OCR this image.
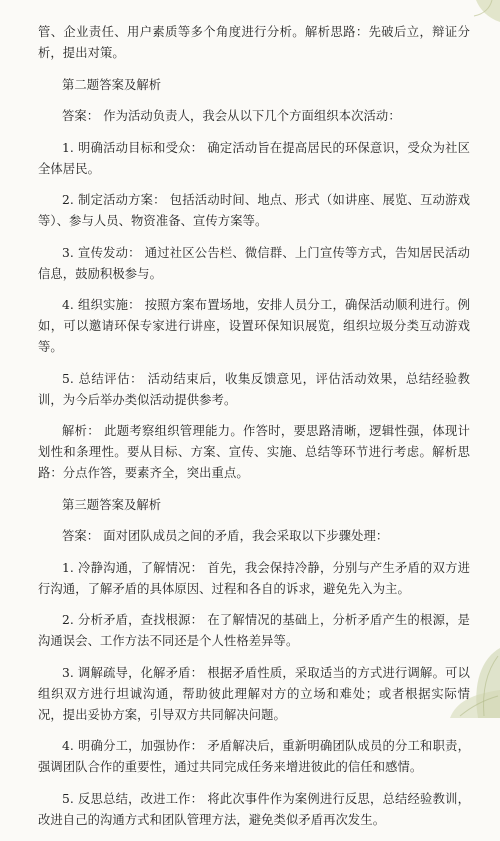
管、企业责任、用户素质等多个角度进行分析。解析思路：先破后立，辩证分析，提出对策。

第二题答案及解析

答案： 作为活动负责人，我会从以下几个方面组织本次活动：

1. 明确活动目标和受众： 确定活动旨在提高居民的环保意识，受众为社区全体居民。

2. 制定活动方案： 包括活动时间、地点、形式（如讲座、展览、互动游戏等）、参与人员、物资准备、宣传方案等。

3. 宣传发动： 通过社区公告栏、微信群、上门宣传等方式，告知居民活动信息，鼓励积极参与。

4. 组织实施： 按照方案布置场地，安排人员分工，确保活动顺利进行。例如，可以邀请环保专家进行讲座，设置环保知识展览，组织垃圾分类互动游戏等。

5. 总结评估： 活动结束后，收集反馈意见，评估活动效果，总结经验教训，为今后举办类似活动提供参考。

解析： 此题考察组织管理能力。作答时，要思路清晰，逻辑性强，体现计划性和条理性。要从目标、方案、宣传、实施、总结等环节进行考虑。解析思路：分点作答，要素齐全，突出重点。

第三题答案及解析

答案： 面对团队成员之间的矛盾，我会采取以下步骤处理：

1. 冷静沟通，了解情况： 首先，我会保持冷静，分别与产生矛盾的双方进行沟通，了解矛盾的具体原因、过程和各自的诉求，避免先入为主。

2. 分析矛盾，查找根源： 在了解情况的基础上，分析矛盾产生的根源，是沟通误会、工作方法不同还是个人性格差异等。

3. 调解疏导，化解矛盾： 根据矛盾性质，采取适当的方式进行调解。可以组织双方进行坦诚沟通，帮助彼此理解对方的立场和难处；或者根据实际情况，提出妥协方案，引导双方共同解决问题。

4. 明确分工，加强协作： 矛盾解决后，重新明确团队成员的分工和职责，强调团队合作的重要性，通过共同完成任务来增进彼此的信任和感情。

5. 反思总结，改进工作： 将此次事件作为案例进行反思，总结经验教训，改进自己的沟通方式和团队管理方法，避免类似矛盾再次发生。
